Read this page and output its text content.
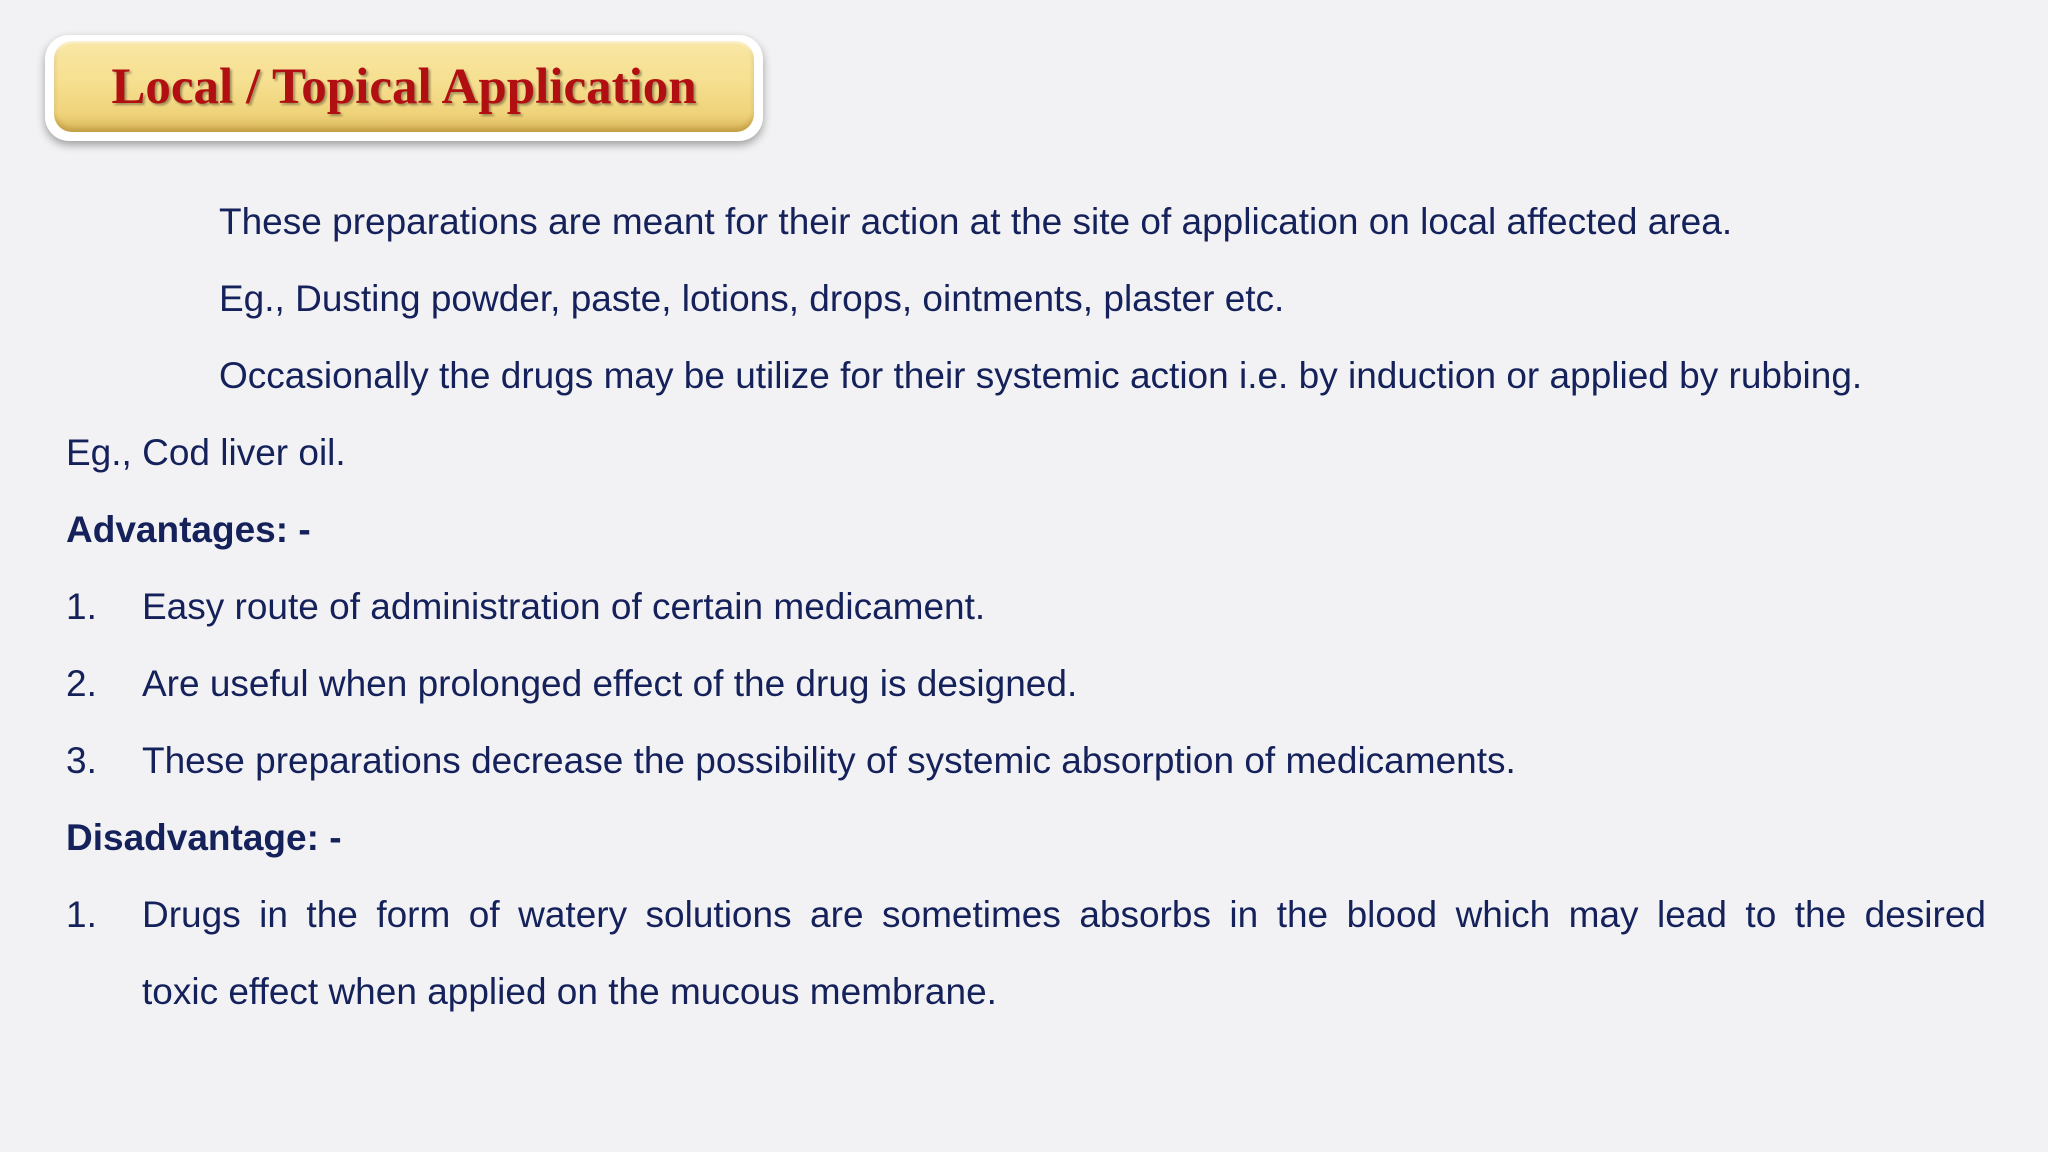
Local / Topical Application
These preparations are meant for their action at the site of application on local affected area.
Eg., Dusting powder, paste, lotions, drops, ointments, plaster etc.
Occasionally the drugs may be utilize for their systemic action i.e. by induction or applied by rubbing.
Eg., Cod liver oil.
Advantages: -
1. Easy route of administration of certain medicament.
2. Are useful when prolonged effect of the drug is designed.
3. These preparations decrease the possibility of systemic absorption of medicaments.
Disadvantage: -
1. Drugs in the form of watery solutions are sometimes absorbs in the blood which may lead to the desired
toxic effect when applied on the mucous membrane.
